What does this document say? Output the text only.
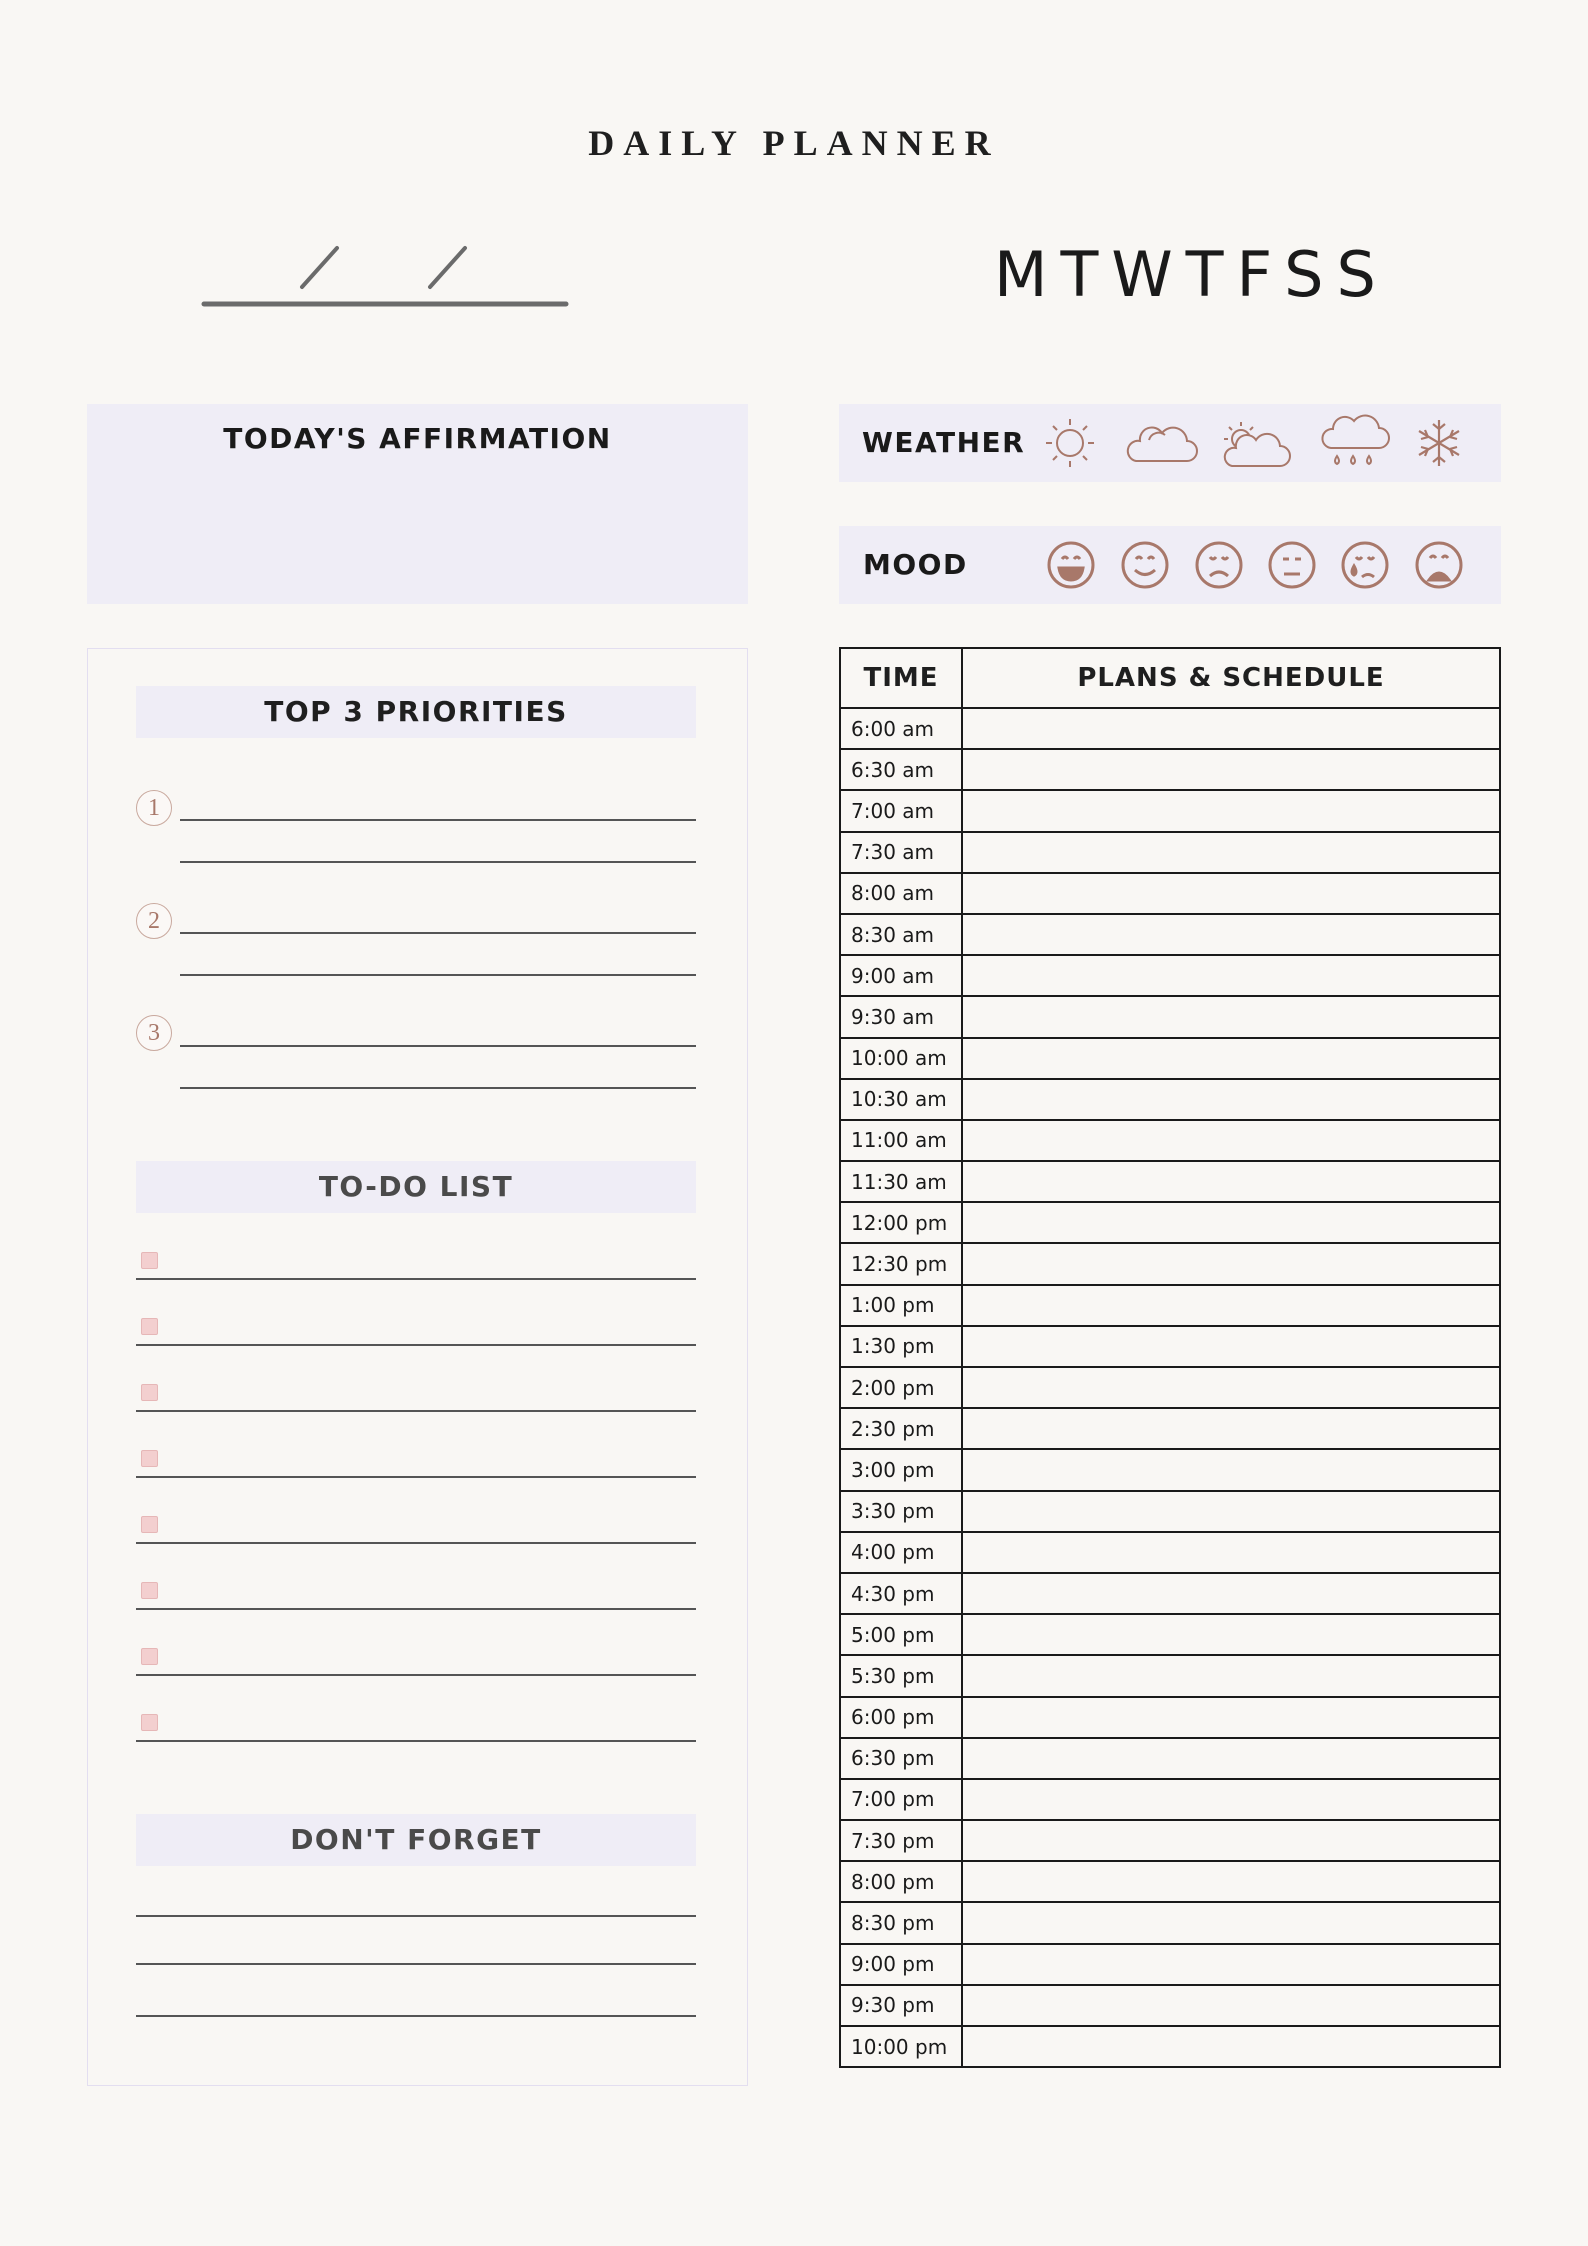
DAILY PLANNER
MTWTFSS
TODAY'S AFFIRMATION	WEATHER
MOOD
TOP 3 PRIORITIES
1
2
3
TO-DO LIST
DON'T FORGET
TIME	PLANS & SCHEDULE
6:00 am	
6:30 am	
7:00 am	
7:30 am	
8:00 am	
8:30 am	
9:00 am	
9:30 am	
10:00 am	
10:30 am	
11:00 am	
11:30 am	
12:00 pm	
12:30 pm	
1:00 pm	
1:30 pm	
2:00 pm	
2:30 pm	
3:00 pm	
3:30 pm	
4:00 pm	
4:30 pm	
5:00 pm	
5:30 pm	
6:00 pm	
6:30 pm	
7:00 pm	
7:30 pm	
8:00 pm	
8:30 pm	
9:00 pm	
9:30 pm	
10:00 pm	
